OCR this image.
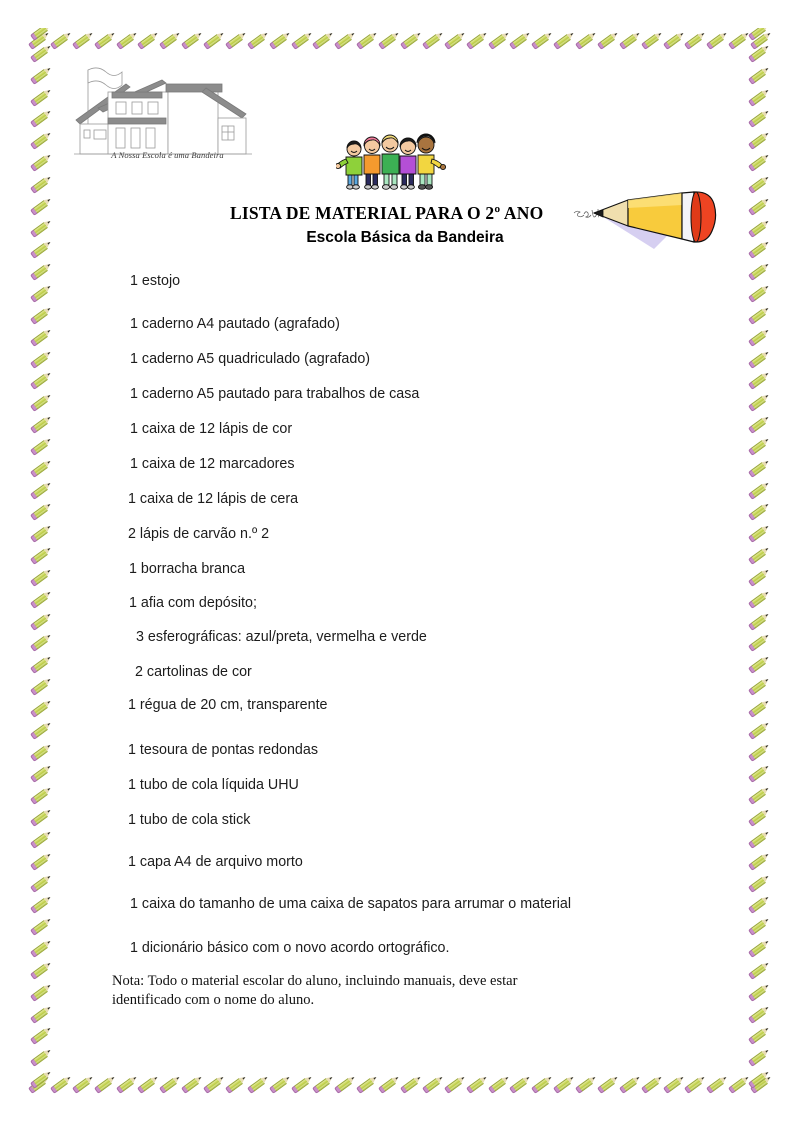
A Nossa Escola é uma Bandeira
LISTA DE MATERIAL PARA O 2º ANO
Escola Básica da Bandeira
1 estojo
1 caderno A4 pautado (agrafado)
1 caderno A5 quadriculado (agrafado)
1 caderno A5 pautado para trabalhos de casa
1 caixa de 12 lápis de cor
1 caixa de 12 marcadores
1 caixa de 12 lápis de cera
2 lápis de carvão n.º 2
1 borracha branca
1 afia com depósito;
3 esferográficas: azul/preta, vermelha e verde
2 cartolinas de cor
1 régua de 20 cm, transparente
1 tesoura de pontas redondas
1 tubo de cola líquida UHU
1 tubo de cola stick
1 capa A4 de arquivo morto
1 caixa do tamanho de uma caixa de sapatos para arrumar o material
1 dicionário básico com o novo acordo ortográfico.
Nota: Todo o material escolar do aluno, incluindo manuais, deve estar
identificado com o nome do aluno.
